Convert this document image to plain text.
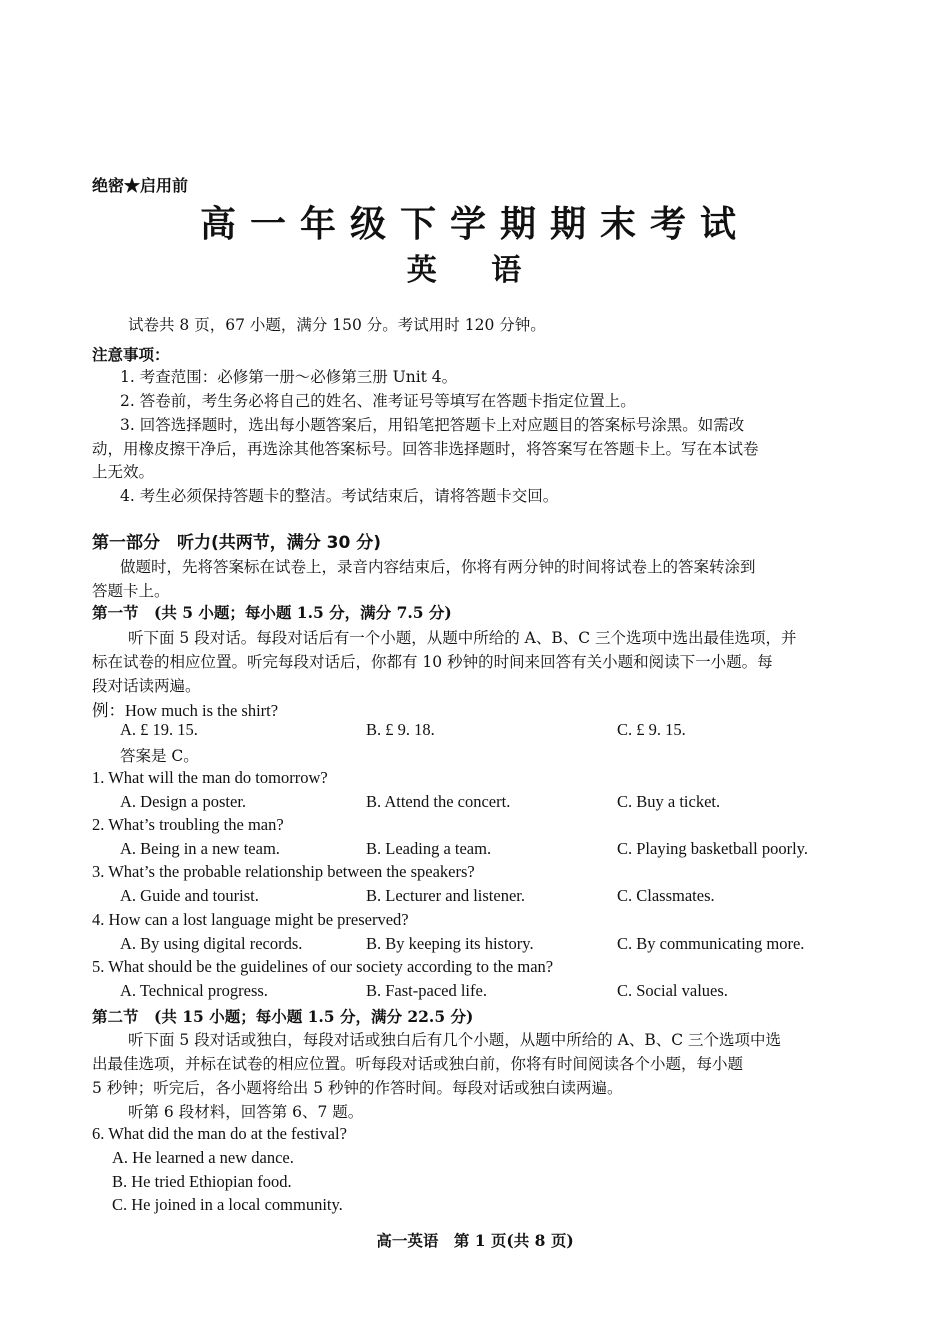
绝密★启用前
高一年级下学期期末考试
英 语
试卷共 8 页，67 小题，满分 150 分。考试用时 120 分钟。
注意事项：
1. 考查范围：必修第一册～必修第三册 Unit 4。
2. 答卷前，考生务必将自己的姓名、准考证号等填写在答题卡指定位置上。
3. 回答选择题时，选出每小题答案后，用铅笔把答题卡上对应题目的答案标号涂黑。如需改
动，用橡皮擦干净后，再选涂其他答案标号。回答非选择题时，将答案写在答题卡上。写在本试卷
上无效。
4. 考生必须保持答题卡的整洁。考试结束后，请将答题卡交回。
第一部分　听力(共两节，满分 30 分)
做题时，先将答案标在试卷上，录音内容结束后，你将有两分钟的时间将试卷上的答案转涂到
答题卡上。
第一节　(共 5 小题；每小题 1.5 分，满分 7.5 分)
听下面 5 段对话。每段对话后有一个小题，从题中所给的 A、B、C 三个选项中选出最佳选项，并
标在试卷的相应位置。听完每段对话后，你都有 10 秒钟的时间来回答有关小题和阅读下一小题。每
段对话读两遍。
例：How much is the shirt?
A. £ 19. 15.	B. £ 9. 18.	C. £ 9. 15.
答案是 C。
1. What will the man do tomorrow?
A. Design a poster.	B. Attend the concert.	C. Buy a ticket.
2. What’s troubling the man?
A. Being in a new team.	B. Leading a team.	C. Playing basketball poorly.
3. What’s the probable relationship between the speakers?
A. Guide and tourist.	B. Lecturer and listener.	C. Classmates.
4. How can a lost language might be preserved?
A. By using digital records.	B. By keeping its history.	C. By communicating more.
5. What should be the guidelines of our society according to the man?
A. Technical progress.	B. Fast-paced life.	C. Social values.
第二节　(共 15 小题；每小题 1.5 分，满分 22.5 分)
听下面 5 段对话或独白，每段对话或独白后有几个小题，从题中所给的 A、B、C 三个选项中选
出最佳选项，并标在试卷的相应位置。听每段对话或独白前，你将有时间阅读各个小题，每小题
5 秒钟；听完后，各小题将给出 5 秒钟的作答时间。每段对话或独白读两遍。
听第 6 段材料，回答第 6、7 题。
6. What did the man do at the festival?
A. He learned a new dance.
B. He tried Ethiopian food.
C. He joined in a local community.
高一英语　第 1 页(共 8 页)
